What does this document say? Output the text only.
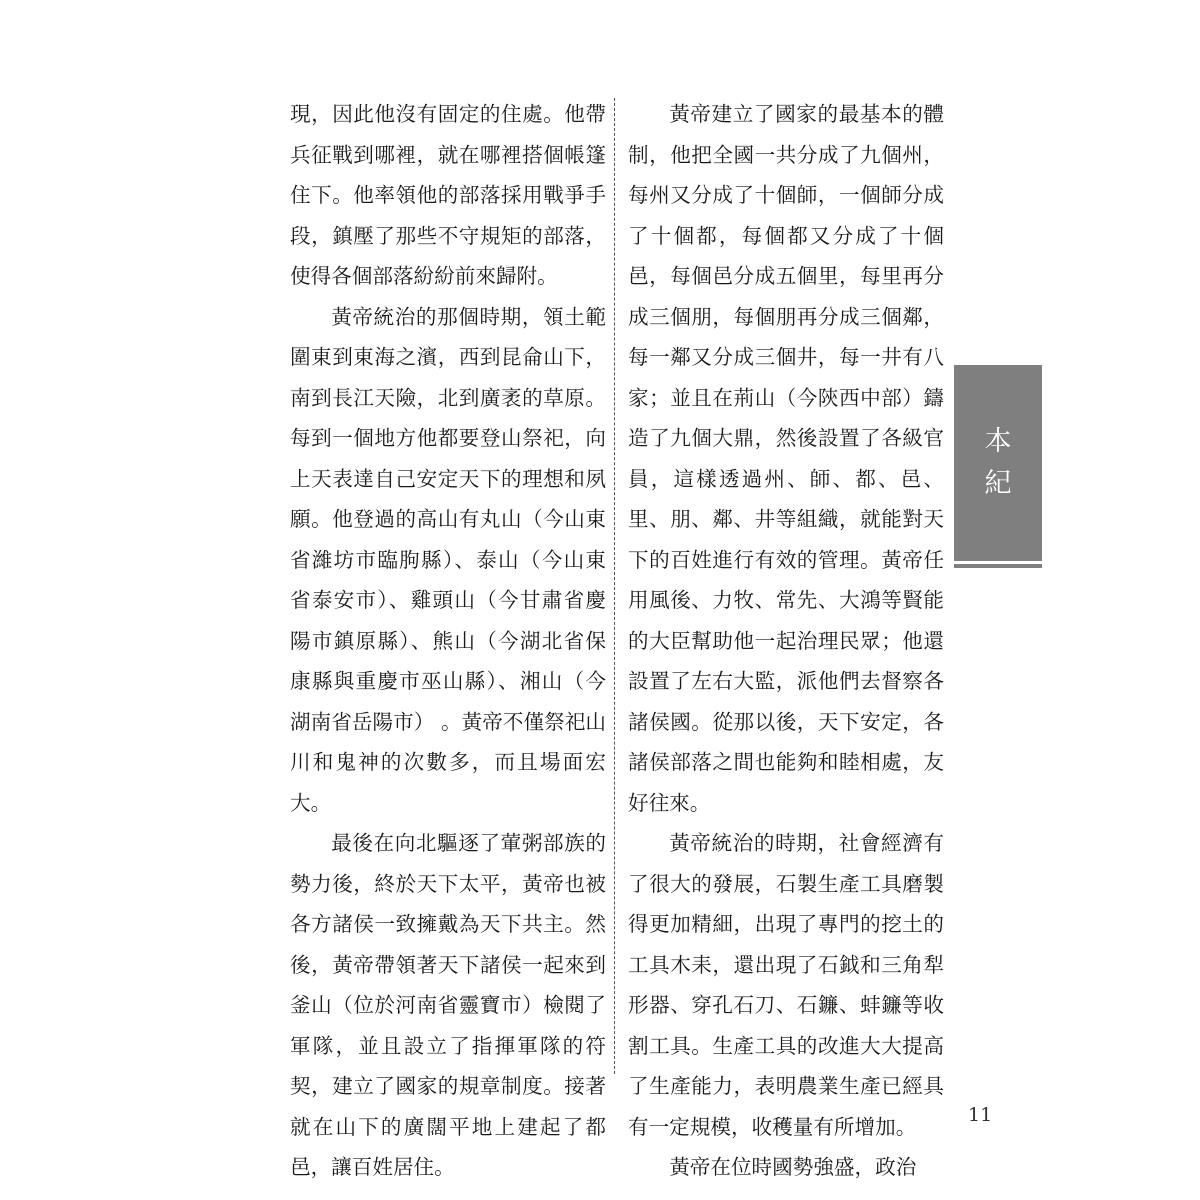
現，因此他沒有固定的住處。他帶兵征戰到哪裡，就在哪裡搭個帳篷住下。他率領他的部落採用戰爭手段，鎮壓了那些不守規矩的部落，使得各個部落紛紛前來歸附。

黃帝統治的那個時期，領土範圍東到東海之濱，西到昆侖山下，南到長江天險，北到廣袤的草原。每到一個地方他都要登山祭祀，向上天表達自己安定天下的理想和夙願。他登過的高山有丸山（今山東省濰坊市臨朐縣）、泰山（今山東省泰安市）、雞頭山（今甘肅省慶陽市鎮原縣）、熊山（今湖北省保康縣與重慶市巫山縣）、湘山（今湖南省岳陽市） 。黃帝不僅祭祀山川和鬼神的次數多，而且場面宏大。

最後在向北驅逐了葷粥部族的勢力後，終於天下太平，黃帝也被各方諸侯一致擁戴為天下共主。然後，黃帝帶領著天下諸侯一起來到釜山（位於河南省靈寶市）檢閱了軍隊，並且設立了指揮軍隊的符契，建立了國家的規章制度。接著就在山下的廣闊平地上建起了都邑，讓百姓居住。

黃帝建立了國家的最基本的體制，他把全國一共分成了九個州，每州又分成了十個師，一個師分成了十個都，每個都又分成了十個邑，每個邑分成五個里，每里再分成三個朋，每個朋再分成三個鄰，每一鄰又分成三個井，每一井有八家；並且在荊山（今陝西中部）鑄造了九個大鼎，然後設置了各級官員，這樣透過州、師、都、邑、里、朋、鄰、井等組織，就能對天下的百姓進行有效的管理。黃帝任用風後、力牧、常先、大鴻等賢能的大臣幫助他一起治理民眾；他還設置了左右大監，派他們去督察各諸侯國。從那以後，天下安定，各諸侯部落之間也能夠和睦相處，友好往來。

黃帝統治的時期，社會經濟有了很大的發展，石製生產工具磨製得更加精細，出現了專門的挖土的工具木耒，還出現了石鉞和三角犁形器、穿孔石刀、石鐮、蚌鐮等收割工具。生產工具的改進大大提高了生產能力，表明農業生產已經具有一定規模，收穫量有所增加。

黃帝在位時國勢強盛，政治

本
紀
11
